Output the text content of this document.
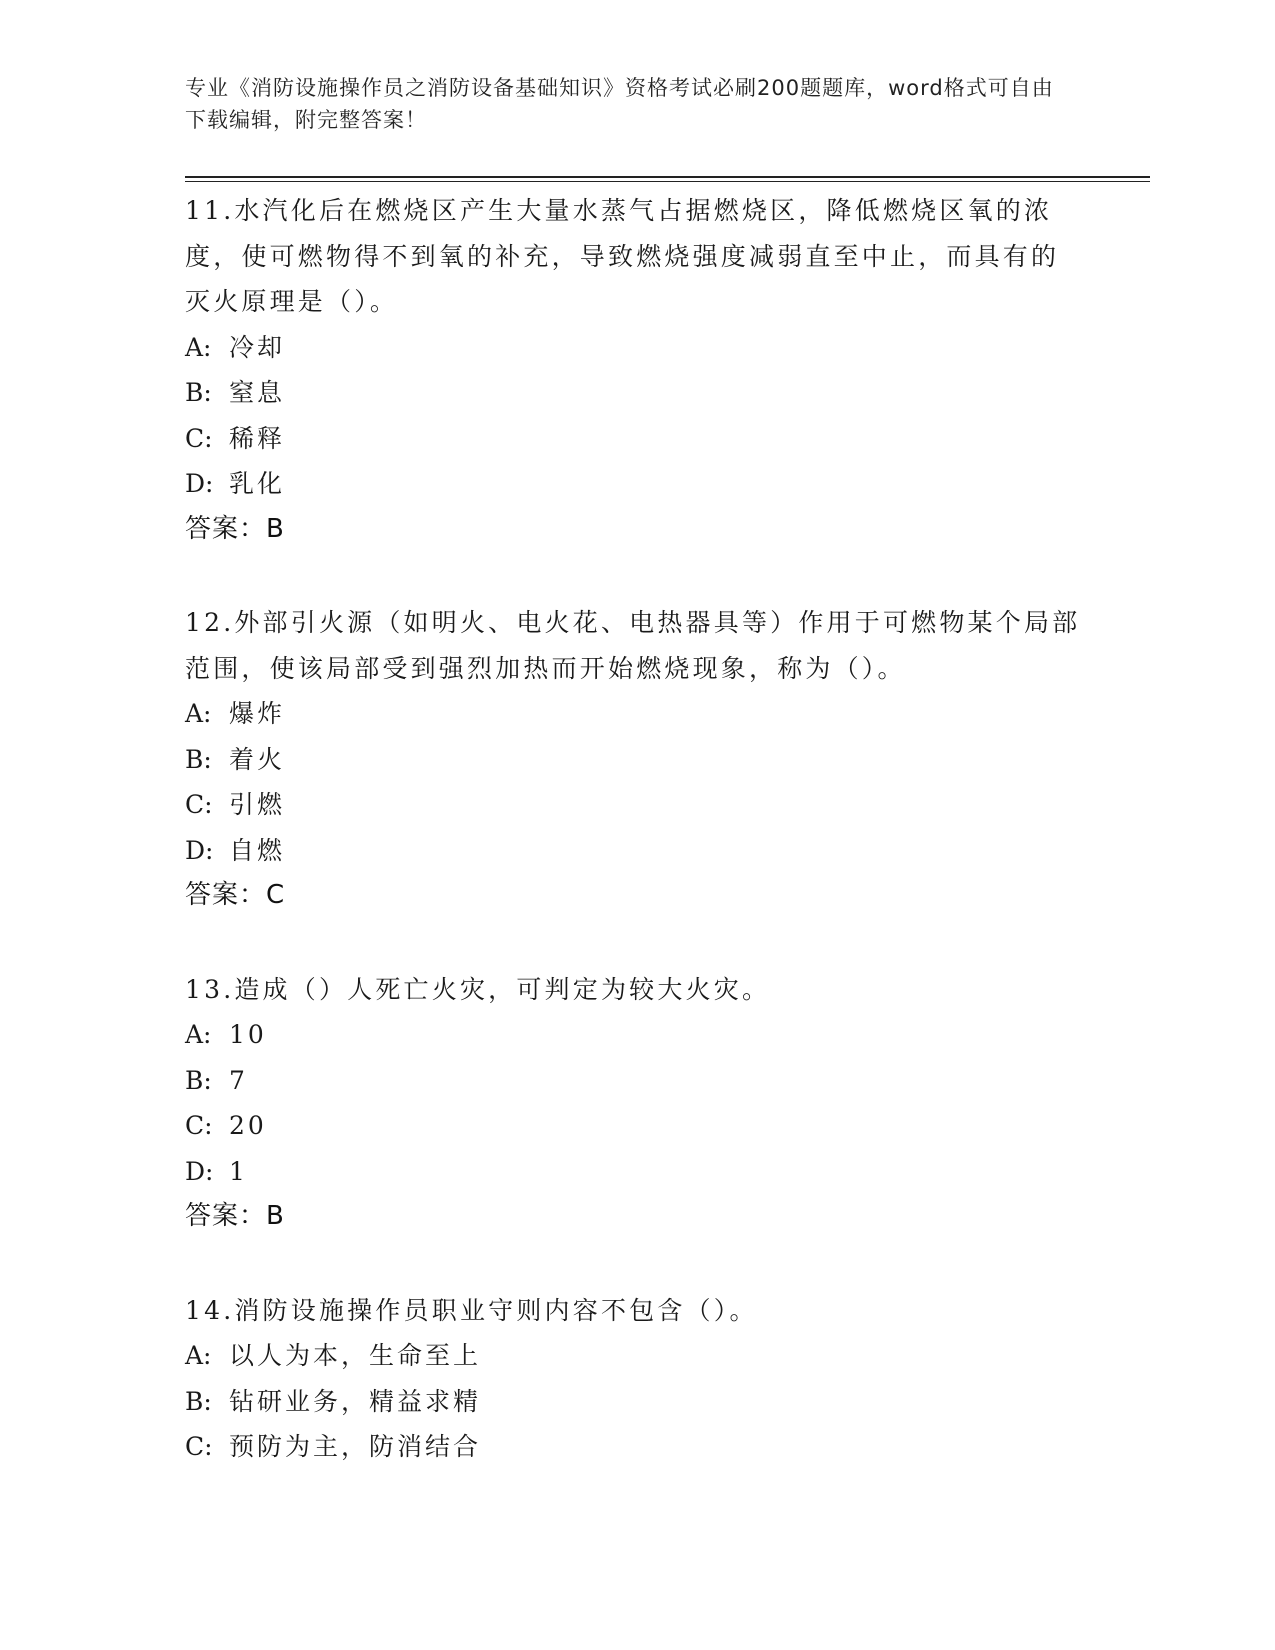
专业《消防设施操作员之消防设备基础知识》资格考试必刷200题题库，word格式可自由下载编辑，附完整答案！

11.水汽化后在燃烧区产生大量水蒸气占据燃烧区，降低燃烧区氧的浓度，使可燃物得不到氧的补充，导致燃烧强度减弱直至中止，而具有的灭火原理是（）。

A: 冷却

B: 窒息

C: 稀释

D: 乳化

答案：B

12.外部引火源（如明火、电火花、电热器具等）作用于可燃物某个局部范围，使该局部受到强烈加热而开始燃烧现象，称为（）。

A: 爆炸

B: 着火

C: 引燃

D: 自燃

答案：C

13.造成（）人死亡火灾，可判定为较大火灾。

A: 10

B: 7

C: 20

D: 1

答案：B

14.消防设施操作员职业守则内容不包含（）。

A: 以人为本，生命至上

B: 钻研业务，精益求精

C: 预防为主，防消结合
